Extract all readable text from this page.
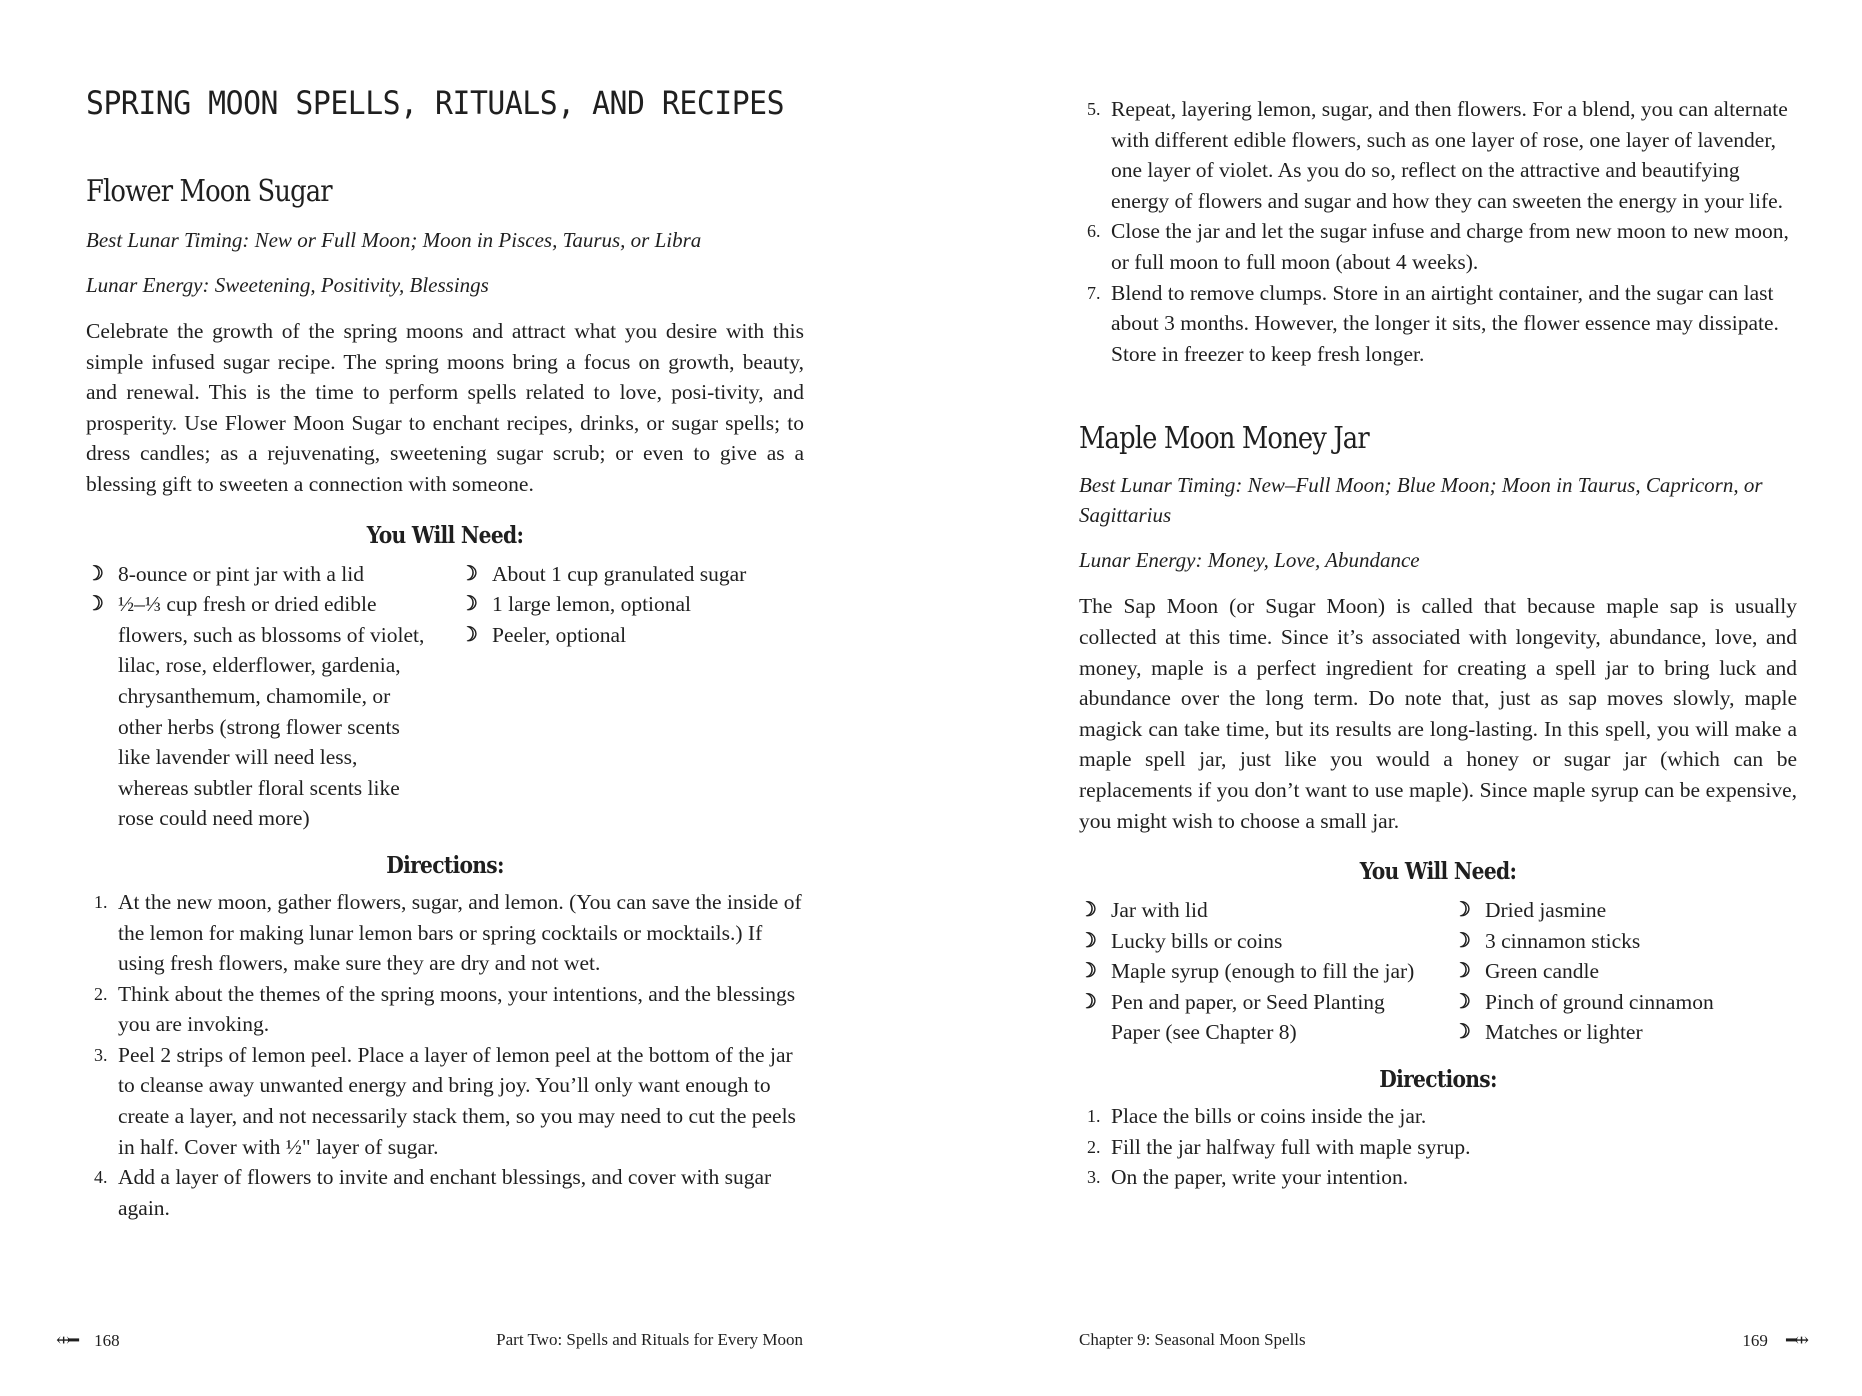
SPRING MOON SPELLS, RITUALS, AND RECIPES
Flower Moon Sugar

Best Lunar Timing: New or Full Moon; Moon in Pisces, Taurus, or Libra

Lunar Energy: Sweetening, Positivity, Blessings

Celebrate the growth of the spring moons and attract what you desire with this simple infused sugar recipe. The spring moons bring a focus on growth, beauty, and renewal. This is the time to perform spells related to love, posi-tivity, and prosperity. Use Flower Moon Sugar to enchant recipes, drinks, or sugar spells; to dress candles; as a rejuvenating, sweetening sugar scrub; or even to give as a blessing gift to sweeten a connection with someone.

You Will Need:
☽ 8-ounce or pint jar with a lid
☽ ½–⅓ cup fresh or dried edible flowers, such as blossoms of violet, lilac, rose, elderflower, gardenia, chrysanthemum, chamomile, or other herbs (strong flower scents like lavender will need less, whereas subtler floral scents like rose could need more)
☽ About 1 cup granulated sugar
☽ 1 large lemon, optional
☽ Peeler, optional
Directions:
1. At the new moon, gather flowers, sugar, and lemon. (You can save the inside of the lemon for making lunar lemon bars or spring cocktails or mocktails.) If using fresh flowers, make sure they are dry and not wet.
2. Think about the themes of the spring moons, your intentions, and the blessings you are invoking.
3. Peel 2 strips of lemon peel. Place a layer of lemon peel at the bottom of the jar to cleanse away unwanted energy and bring joy. You’ll only want enough to create a layer, and not necessarily stack them, so you may need to cut the peels in half. Cover with ½" layer of sugar.
4. Add a layer of flowers to invite and enchant blessings, and cover with sugar again.
⇹━ 168	Part Two: Spells and Rituals for Every Moon
5. Repeat, layering lemon, sugar, and then flowers. For a blend, you can alternate with different edible flowers, such as one layer of rose, one layer of lavender, one layer of violet. As you do so, reflect on the attractive and beautifying energy of flowers and sugar and how they can sweeten the energy in your life.
6. Close the jar and let the sugar infuse and charge from new moon to new moon, or full moon to full moon (about 4 weeks).
7. Blend to remove clumps. Store in an airtight container, and the sugar can last about 3 months. However, the longer it sits, the flower essence may dissipate. Store in freezer to keep fresh longer.
Maple Moon Money Jar

Best Lunar Timing: New–Full Moon; Blue Moon; Moon in Taurus, Capricorn, or Sagittarius

Lunar Energy: Money, Love, Abundance

The Sap Moon (or Sugar Moon) is called that because maple sap is usually collected at this time. Since it’s associated with longevity, abundance, love, and money, maple is a perfect ingredient for creating a spell jar to bring luck and abundance over the long term. Do note that, just as sap moves slowly, maple magick can take time, but its results are long-lasting. In this spell, you will make a maple spell jar, just like you would a honey or sugar jar (which can be replacements if you don’t want to use maple). Since maple syrup can be expensive, you might wish to choose a small jar.

You Will Need:
☽ Jar with lid
☽ Lucky bills or coins
☽ Maple syrup (enough to fill the jar)
☽ Pen and paper, or Seed Planting Paper (see Chapter 8)
☽ Dried jasmine
☽ 3 cinnamon sticks
☽ Green candle
☽ Pinch of ground cinnamon
☽ Matches or lighter
Directions:
1. Place the bills or coins inside the jar.
2. Fill the jar halfway full with maple syrup.
3. On the paper, write your intention.
Chapter 9: Seasonal Moon Spells	169 ━⇹
